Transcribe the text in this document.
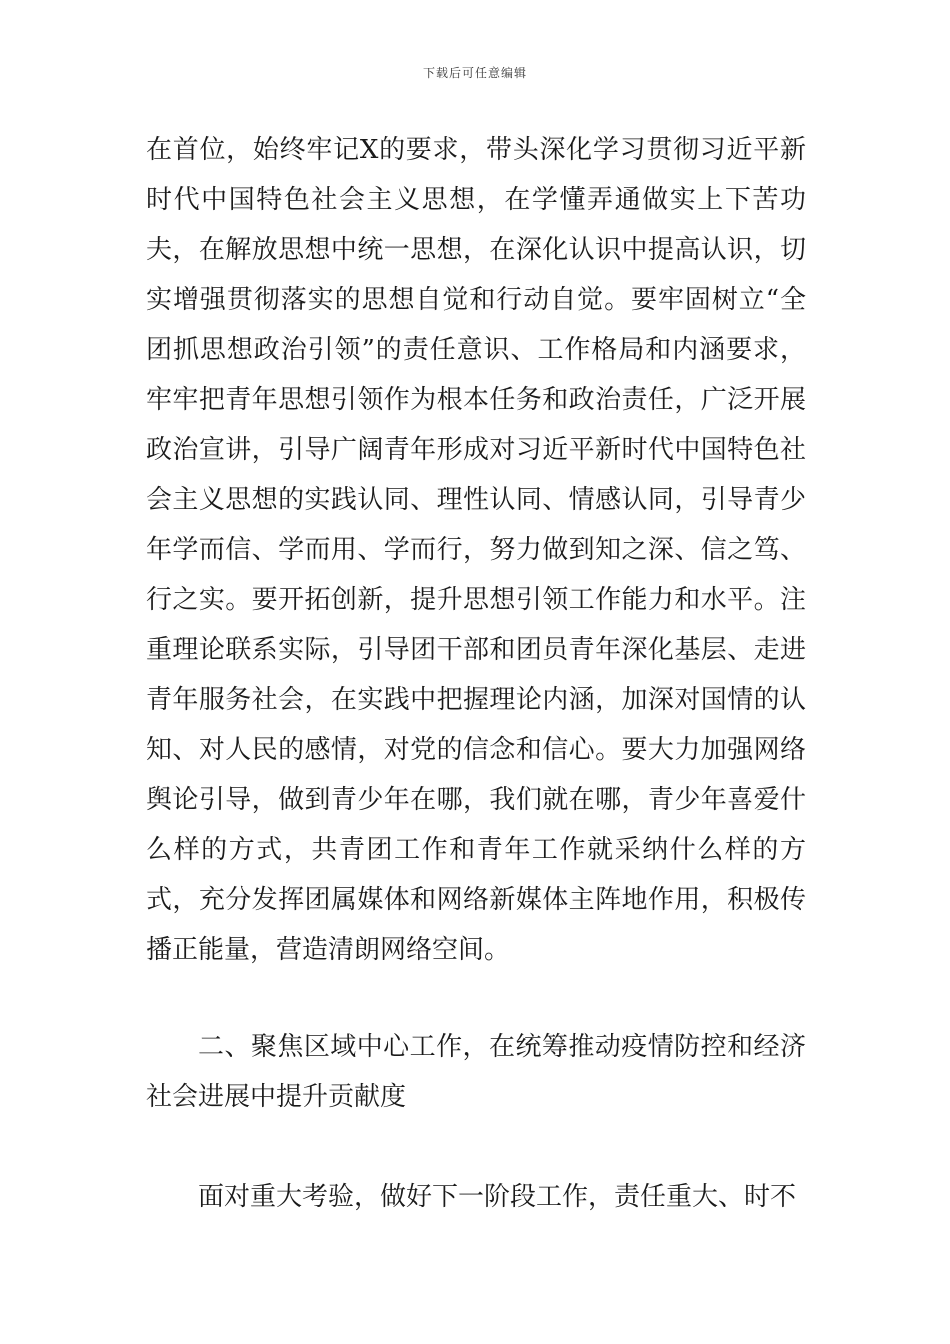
下载后可任意编辑

在首位，始终牢记X的要求，带头深化学习贯彻习近平新时代中国特色社会主义思想，在学懂弄通做实上下苦功夫，在解放思想中统一思想，在深化认识中提高认识，切实增强贯彻落实的思想自觉和行动自觉。要牢固树立“全团抓思想政治引领”的责任意识、工作格局和内涵要求，牢牢把青年思想引领作为根本任务和政治责任，广泛开展政治宣讲，引导广阔青年形成对习近平新时代中国特色社会主义思想的实践认同、理性认同、情感认同，引导青少年学而信、学而用、学而行，努力做到知之深、信之笃、行之实。要开拓创新，提升思想引领工作能力和水平。注重理论联系实际，引导团干部和团员青年深化基层、走进青年服务社会，在实践中把握理论内涵，加深对国情的认知、对人民的感情，对党的信念和信心。要大力加强网络舆论引导，做到青少年在哪，我们就在哪，青少年喜爱什么样的方式，共青团工作和青年工作就采纳什么样的方式，充分发挥团属媒体和网络新媒体主阵地作用，积极传播正能量，营造清朗网络空间。

二、聚焦区域中心工作，在统筹推动疫情防控和经济社会进展中提升贡献度

面对重大考验，做好下一阶段工作，责任重大、时不
